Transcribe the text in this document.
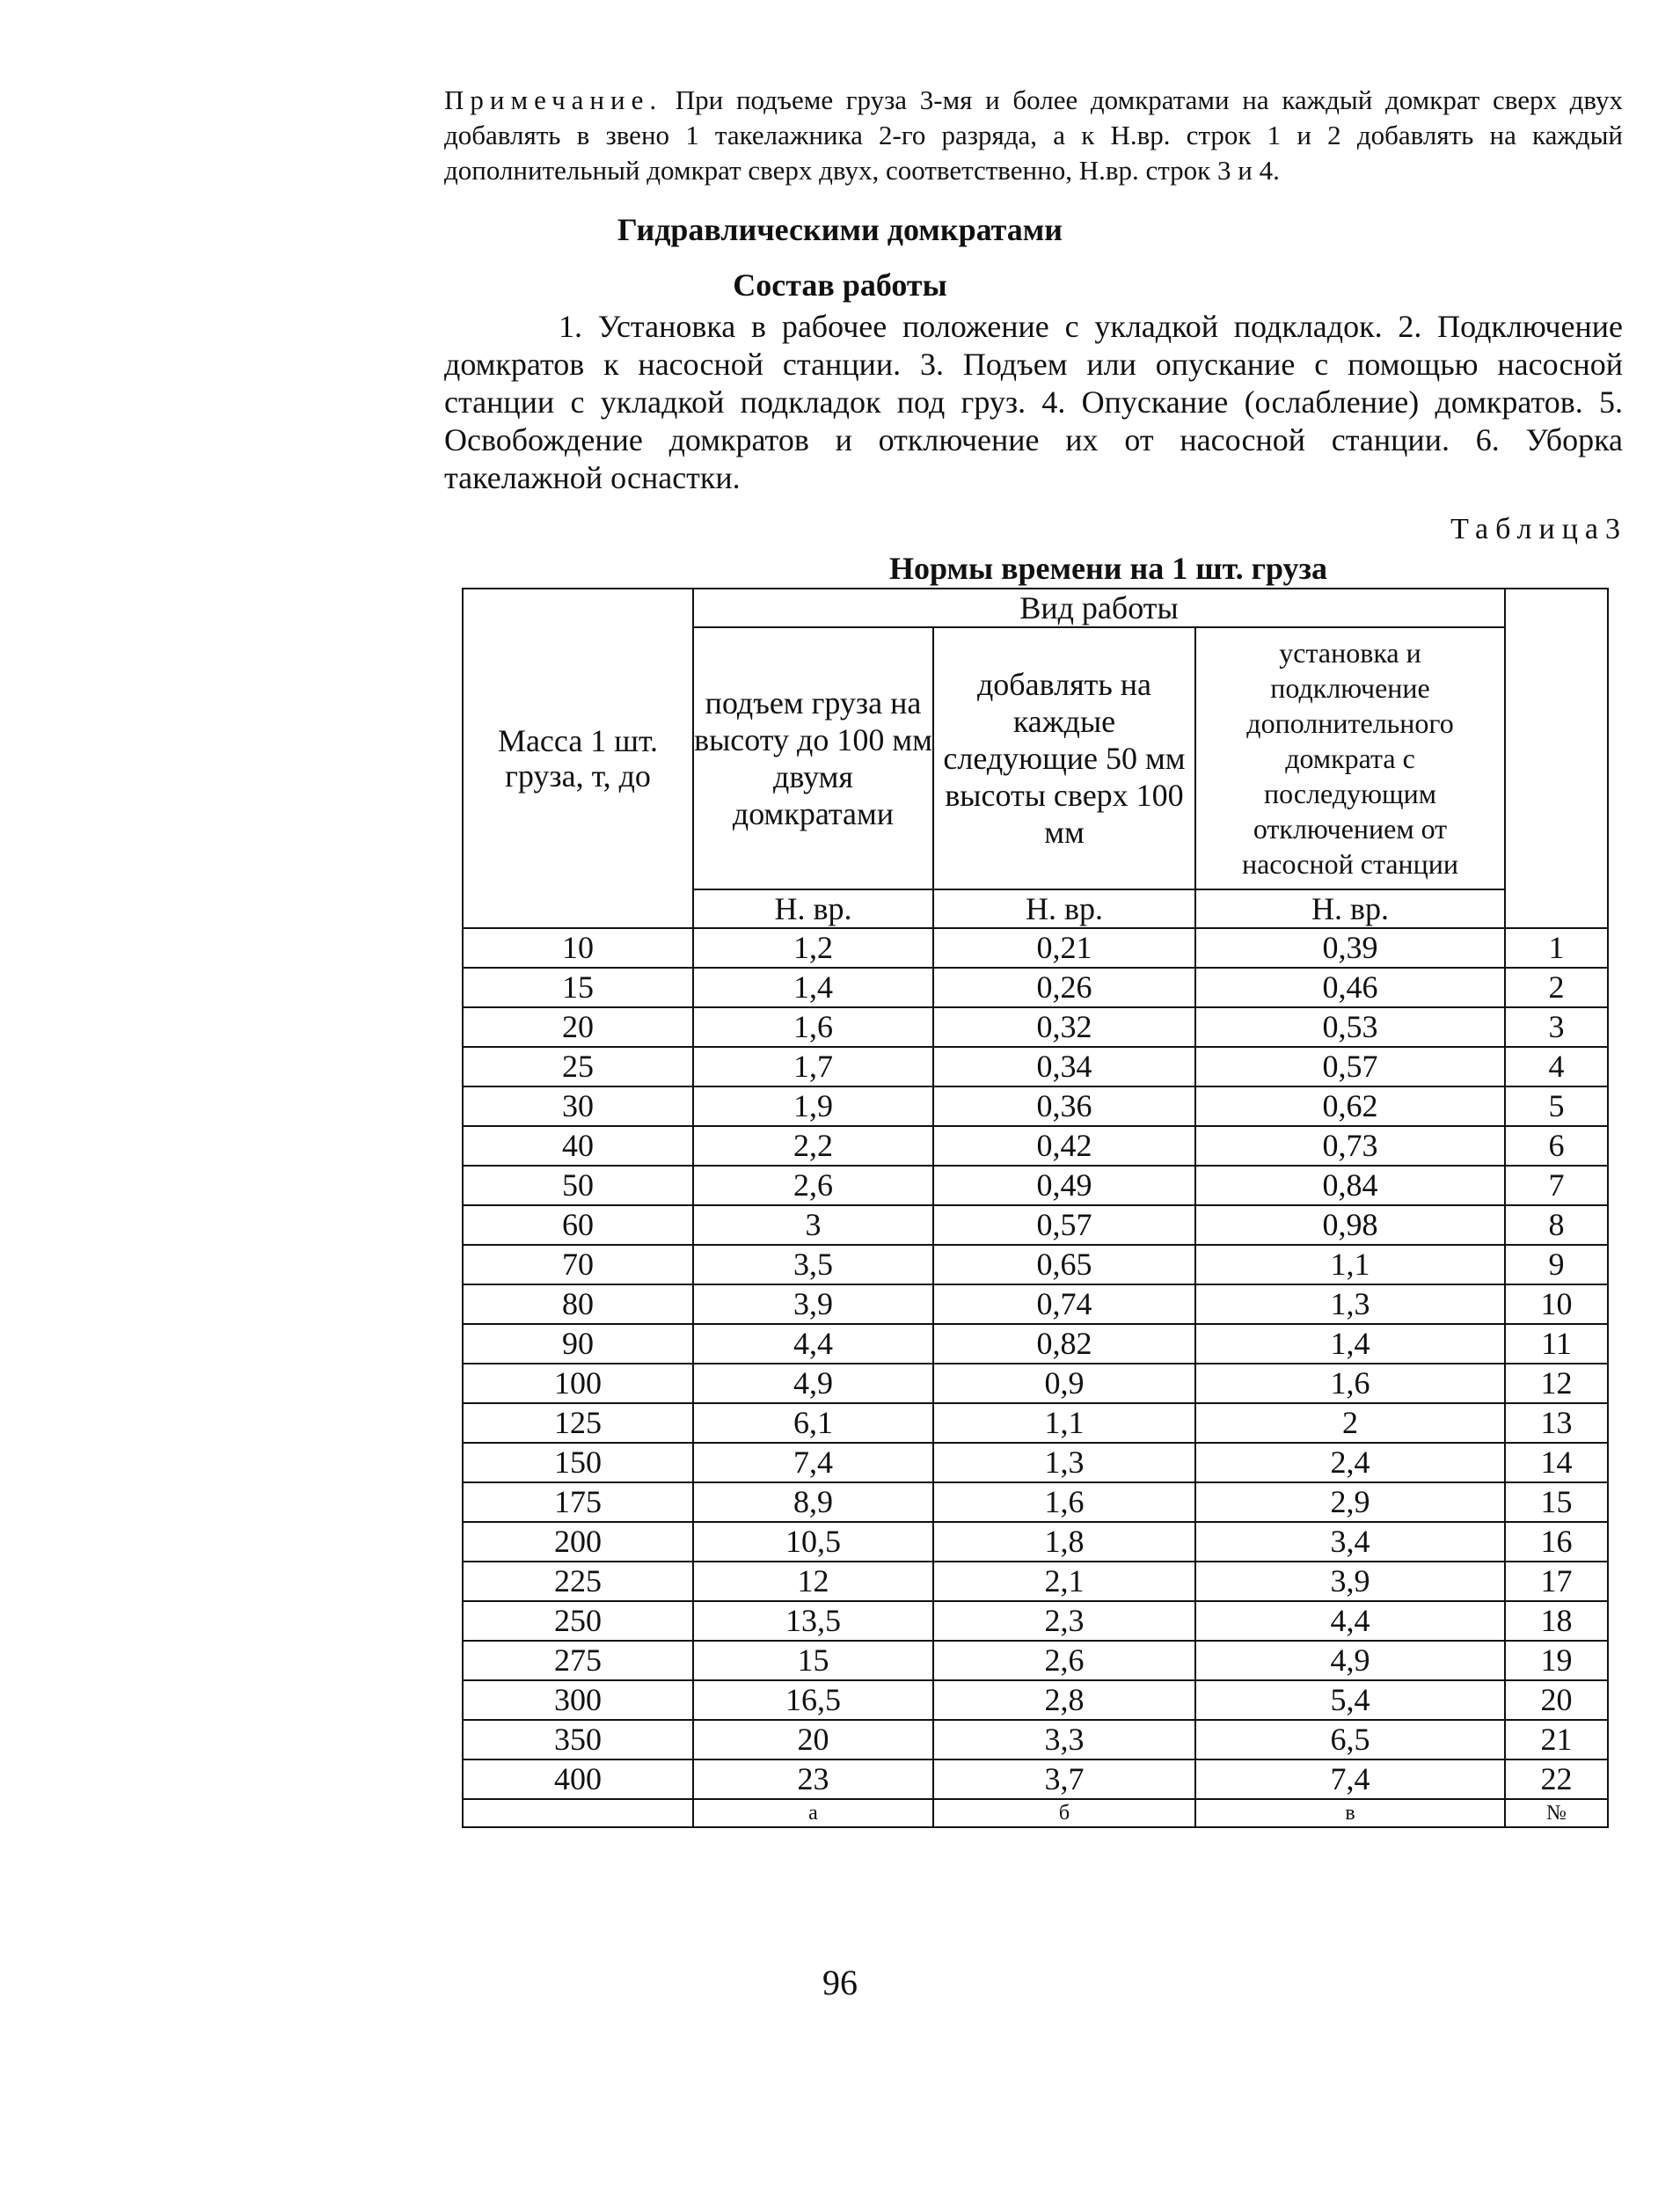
Примечание. При подъеме груза 3-мя и более домкратами на каждый домкрат сверх двух добавлять в звено 1 такелажника 2-го разряда, а к Н.вр. строк 1 и 2 добавлять на каждый дополнительный домкрат сверх двух, соответственно, Н.вр. строк 3 и 4.
Гидравлическими домкратами
Состав работы

1. Установка в рабочее положение с укладкой подкладок. 2. Подключение домкратов к насосной станции. 3. Подъем или опускание с помощью насосной станции с укладкой подкладок под груз. 4. Опускание (ослабление) домкратов. 5. Освобождение домкратов и отключение их от насосной станции. 6. Уборка такелажной оснастки.

Таблица3
Нормы времени на 1 шт. груза
Масса 1 шт. груза, т, до	Вид работы			
	подъем груза на высоту до 100 мм двумя домкратами	добавлять на каждые следующие 50 мм высоты сверх 100 мм	установка и подключение дополнительного домкрата с последующим отключением от насосной станции	
	Н. вр.	Н. вр.	Н. вр.	
10	1,2	0,21	0,39	1
15	1,4	0,26	0,46	2
20	1,6	0,32	0,53	3
25	1,7	0,34	0,57	4
30	1,9	0,36	0,62	5
40	2,2	0,42	0,73	6
50	2,6	0,49	0,84	7
60	3	0,57	0,98	8
70	3,5	0,65	1,1	9
80	3,9	0,74	1,3	10
90	4,4	0,82	1,4	11
100	4,9	0,9	1,6	12
125	6,1	1,1	2	13
150	7,4	1,3	2,4	14
175	8,9	1,6	2,9	15
200	10,5	1,8	3,4	16
225	12	2,1	3,9	17
250	13,5	2,3	4,4	18
275	15	2,6	4,9	19
300	16,5	2,8	5,4	20
350	20	3,3	6,5	21
400	23	3,7	7,4	22
	а	б	в	№
96
